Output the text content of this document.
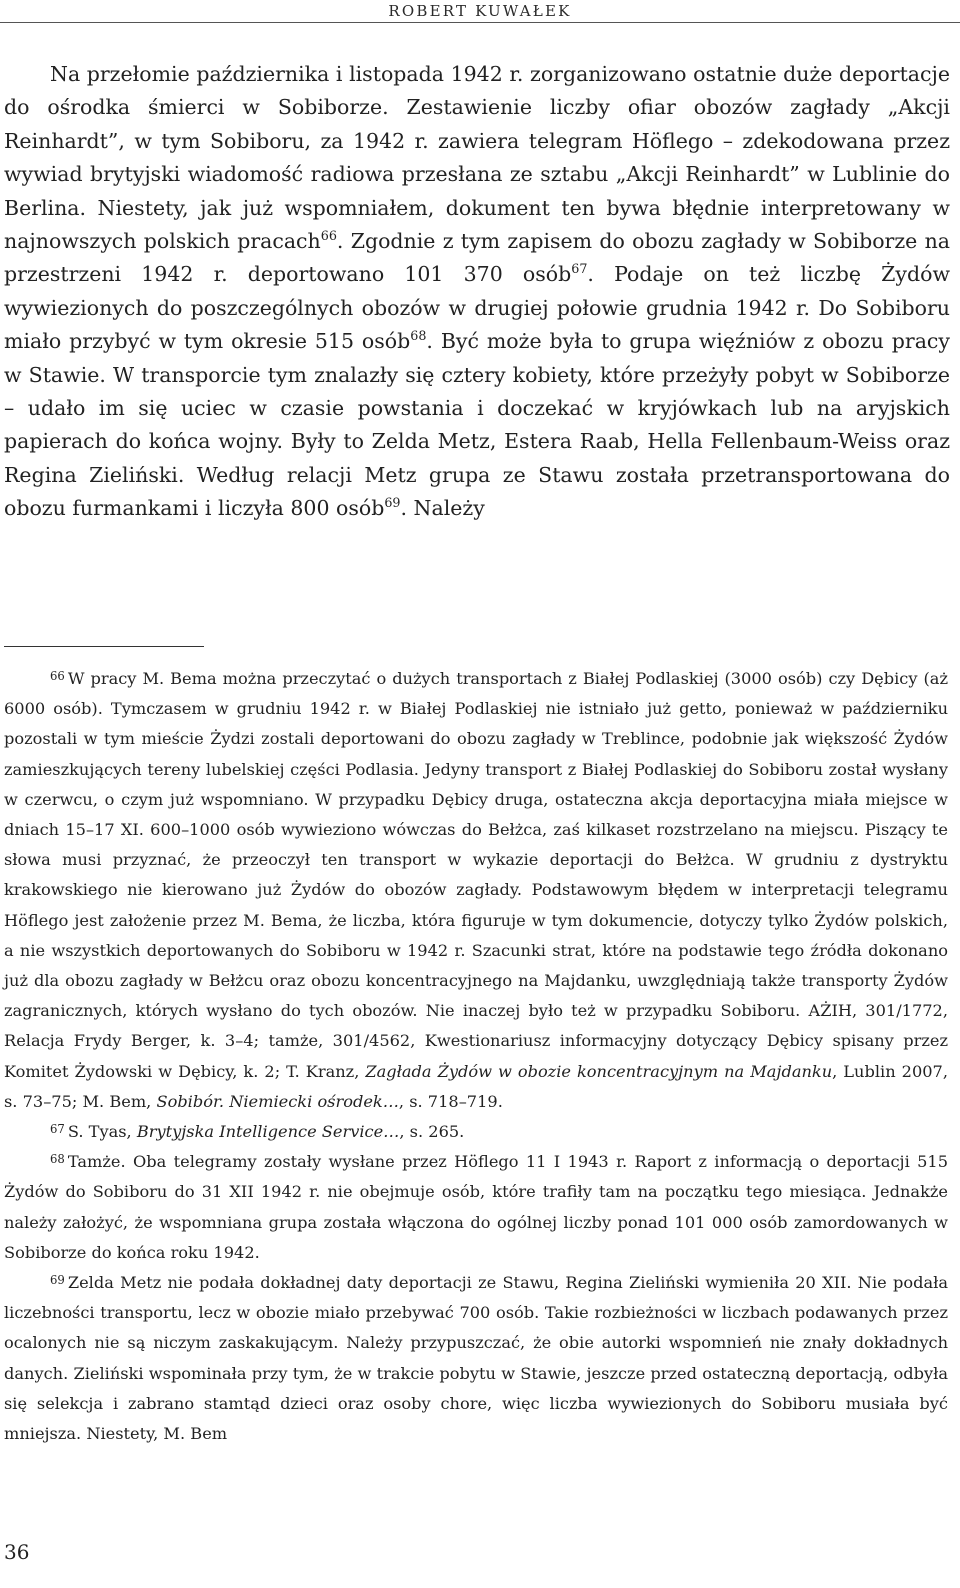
ROBERT KUWAŁEK

Na przełomie października i listopada 1942 r. zorganizowano ostatnie duże deportacje do ośrodka śmierci w Sobiborze. Zestawienie liczby ofiar obozów zagłady „Akcji Reinhardt”, w tym Sobiboru, za 1942 r. zawiera telegram Höflego – zdekodowana przez wywiad brytyjski wiadomość radiowa przesłana ze sztabu „Akcji Reinhardt” w Lublinie do Berlina. Niestety, jak już wspomniałem, dokument ten bywa błędnie interpretowany w najnowszych polskich pracach$^{66}$. Zgodnie z tym zapisem do obozu zagłady w Sobiborze na przestrzeni 1942 r. deportowano 101 370 osób$^{67}$. Podaje on też liczbę Żydów wywiezionych do poszczególnych obozów w drugiej połowie grudnia 1942 r. Do Sobiboru miało przybyć w tym okresie 515 osób$^{68}$. Być może była to grupa więźniów z obozu pracy w Stawie. W transporcie tym znalazły się cztery kobiety, które przeżyły pobyt w Sobiborze – udało im się uciec w czasie powstania i doczekać w kryjówkach lub na aryjskich papierach do końca wojny. Były to Zelda Metz, Estera Raab, Hella Fellenbaum-Weiss oraz Regina Zieliński. Według relacji Metz grupa ze Stawu została przetransportowana do obozu furmankami i liczyła 800 osób$^{69}$. Należy

$^{66}$ W pracy M. Bema można przeczytać o dużych transportach z Białej Podlaskiej (3000 osób) czy Dębicy (aż 6000 osób). Tymczasem w grudniu 1942 r. w Białej Podlaskiej nie istniało już getto, ponieważ w październiku pozostali w tym mieście Żydzi zostali deportowani do obozu zagłady w Treblince, podobnie jak większość Żydów zamieszkujących tereny lubelskiej części Podlasia. Jedyny transport z Białej Podlaskiej do Sobiboru został wysłany w czerwcu, o czym już wspomniano. W przypadku Dębicy druga, ostateczna akcja deportacyjna miała miejsce w dniach 15–17 XI. 600–1000 osób wywieziono wówczas do Bełżca, zaś kilkaset rozstrzelano na miejscu. Piszący te słowa musi przyznać, że przeoczył ten transport w wykazie deportacji do Bełżca. W grudniu z dystryktu krakowskiego nie kierowano już Żydów do obozów zagłady. Podstawowym błędem w interpretacji telegramu Höflego jest założenie przez M. Bema, że liczba, która figuruje w tym dokumencie, dotyczy tylko Żydów polskich, a nie wszystkich deportowanych do Sobiboru w 1942 r. Szacunki strat, które na podstawie tego źródła dokonano już dla obozu zagłady w Bełżcu oraz obozu koncentracyjnego na Majdanku, uwzględniają także transporty Żydów zagranicznych, których wysłano do tych obozów. Nie inaczej było też w przypadku Sobiboru. AŻIH, 301/1772, Relacja Frydy Berger, k. 3–4; tamże, 301/4562, Kwestionariusz informacyjny dotyczący Dębicy spisany przez Komitet Żydowski w Dębicy, k. 2; T. Kranz, Zagłada Żydów w obozie koncentracyjnym na Majdanku, Lublin 2007, s. 73–75; M. Bem, Sobibór. Niemiecki ośrodek…, s. 718–719.

$^{67}$ S. Tyas, Brytyjska Intelligence Service…, s. 265.

$^{68}$ Tamże. Oba telegramy zostały wysłane przez Höflego 11 I 1943 r. Raport z informacją o deportacji 515 Żydów do Sobiboru do 31 XII 1942 r. nie obejmuje osób, które trafiły tam na początku tego miesiąca. Jednakże należy założyć, że wspomniana grupa została włączona do ogólnej liczby ponad 101 000 osób zamordowanych w Sobiborze do końca roku 1942.

$^{69}$ Zelda Metz nie podała dokładnej daty deportacji ze Stawu, Regina Zieliński wymieniła 20 XII. Nie podała liczebności transportu, lecz w obozie miało przebywać 700 osób. Takie rozbieżności w liczbach podawanych przez ocalonych nie są niczym zaskakującym. Należy przypuszczać, że obie autorki wspomnień nie znały dokładnych danych. Zieliński wspominała przy tym, że w trakcie pobytu w Stawie, jeszcze przed ostateczną deportacją, odbyła się selekcja i zabrano stamtąd dzieci oraz osoby chore, więc liczba wywiezionych do Sobiboru musiała być mniejsza. Niestety, M. Bem

36
